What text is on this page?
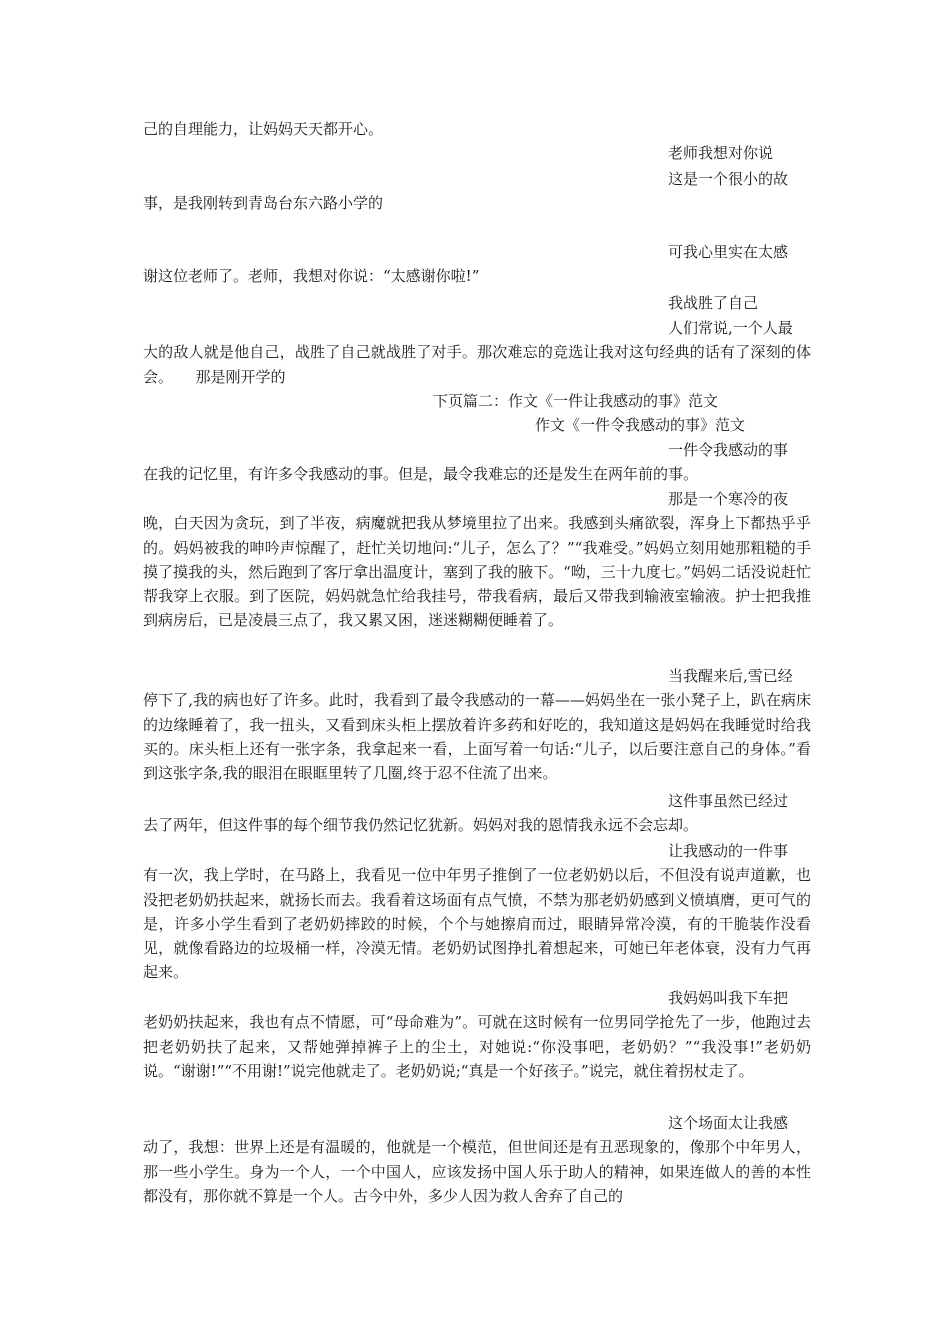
己的自理能力，让妈妈天天都开心。
老师我想对你说
这是一个很小的故
事，是我刚转到青岛台东六路小学的
可我心里实在太感
谢这位老师了。老师，我想对你说：“太感谢你啦!”
我战胜了自己
人们常说,一个人最
大的敌人就是他自己，战胜了自己就战胜了对手。那次难忘的竞选让我对这句经典的话有了深刻的体会。　　那是刚开学的
下页篇二：作文《一件让我感动的事》范文
作文《一件令我感动的事》范文
一件令我感动的事
在我的记忆里，有许多令我感动的事。但是，最令我难忘的还是发生在两年前的事。
那是一个寒冷的夜
晚，白天因为贪玩，到了半夜，病魔就把我从梦境里拉了出来。我感到头痛欲裂，浑身上下都热乎乎的。妈妈被我的呻吟声惊醒了，赶忙关切地问:“儿子，怎么了？”“我难受。”妈妈立刻用她那粗糙的手摸了摸我的头，然后跑到了客厅拿出温度计，塞到了我的腋下。“呦，三十九度七。”妈妈二话没说赶忙帮我穿上衣服。到了医院，妈妈就急忙给我挂号，带我看病，最后又带我到输液室输液。护士把我推到病房后，已是凌晨三点了，我又累又困，迷迷糊糊便睡着了。
当我醒来后,雪已经
停下了,我的病也好了许多。此时，我看到了最令我感动的一幕——妈妈坐在一张小凳子上，趴在病床的边缘睡着了，我一扭头，又看到床头柜上摆放着许多药和好吃的，我知道这是妈妈在我睡觉时给我买的。床头柜上还有一张字条，我拿起来一看，上面写着一句话:“儿子，以后要注意自己的身体。”看到这张字条,我的眼泪在眼眶里转了几圈,终于忍不住流了出来。
这件事虽然已经过
去了两年，但这件事的每个细节我仍然记忆犹新。妈妈对我的恩情我永远不会忘却。
让我感动的一件事
有一次，我上学时，在马路上，我看见一位中年男子推倒了一位老奶奶以后，不但没有说声道歉，也没把老奶奶扶起来，就扬长而去。我看着这场面有点气愤，不禁为那老奶奶感到义愤填膺，更可气的是，许多小学生看到了老奶奶摔跤的时候，个个与她擦肩而过，眼睛异常冷漠，有的干脆装作没看见，就像看路边的垃圾桶一样，冷漠无情。老奶奶试图挣扎着想起来，可她已年老体衰，没有力气再起来。
我妈妈叫我下车把
老奶奶扶起来，我也有点不情愿，可“母命难为”。可就在这时候有一位男同学抢先了一步，他跑过去把老奶奶扶了起来，又帮她弹掉裤子上的尘土，对她说:“你没事吧，老奶奶？”“我没事!”老奶奶说。“谢谢!”“不用谢!”说完他就走了。老奶奶说;“真是一个好孩子。”说完，就住着拐杖走了。
这个场面太让我感
动了，我想：世界上还是有温暖的，他就是一个模范，但世间还是有丑恶现象的，像那个中年男人，那一些小学生。身为一个人，一个中国人，应该发扬中国人乐于助人的精神，如果连做人的善的本性都没有，那你就不算是一个人。古今中外，多少人因为救人舍弃了自己的
